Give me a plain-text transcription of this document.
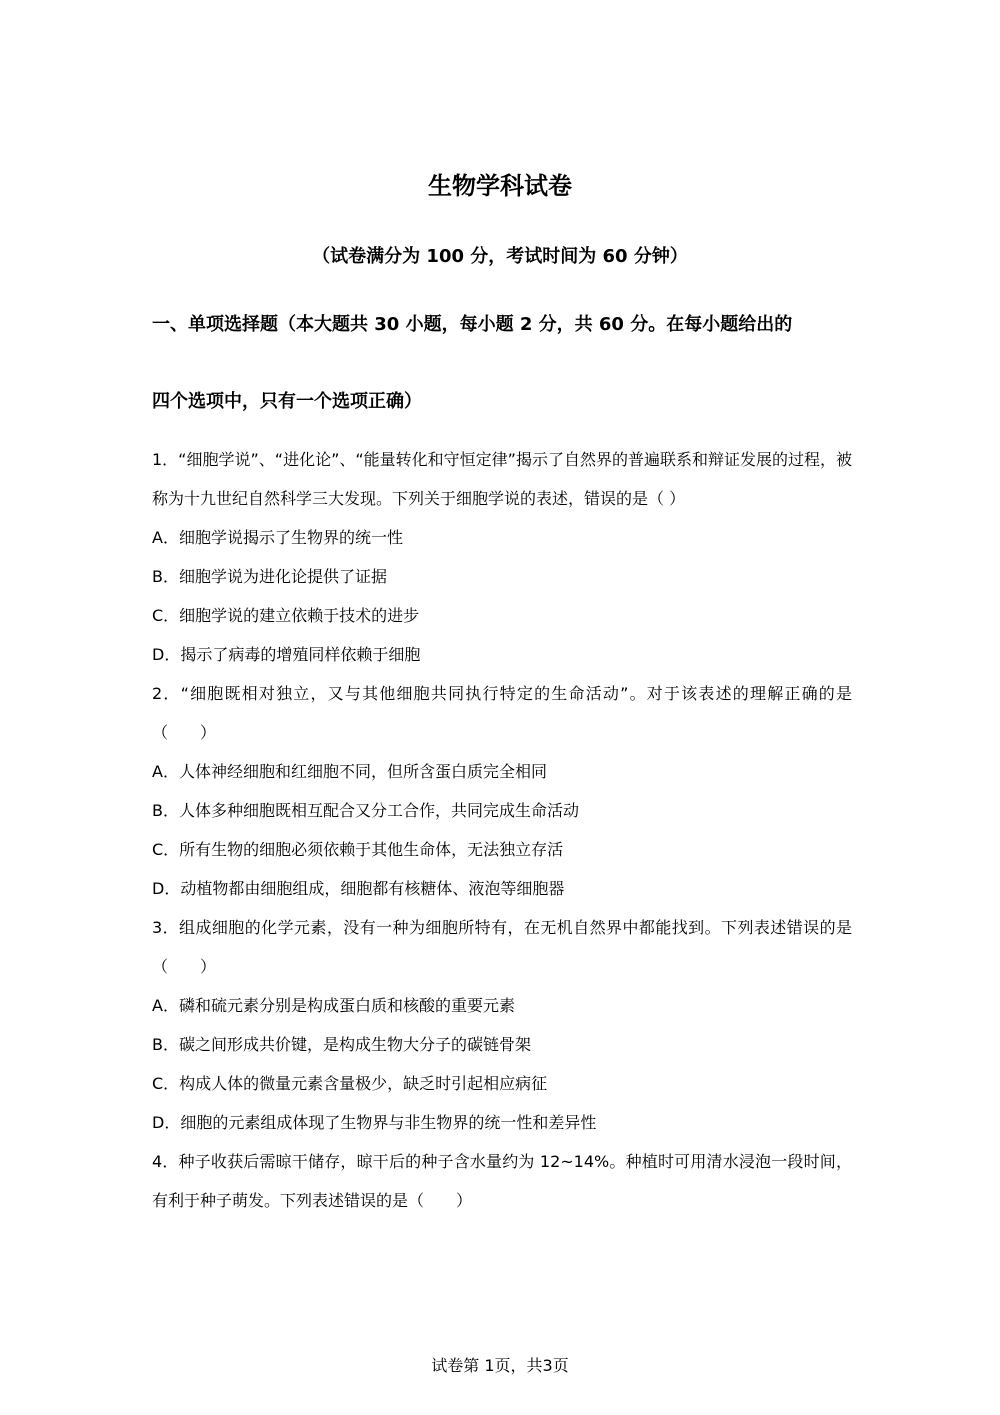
生物学科试卷
（试卷满分为 100 分，考试时间为 60 分钟）
一、单项选择题（本大题共 30 小题，每小题 2 分，共 60 分。在每小题给出的
四个选项中，只有一个选项正确）

1．“细胞学说”、“进化论”、“能量转化和守恒定律”揭示了自然界的普遍联系和辩证发展的过程，被称为十九世纪自然科学三大发现。下列关于细胞学说的表述，错误的是（ ）

A．细胞学说揭示了生物界的统一性

B．细胞学说为进化论提供了证据

C．细胞学说的建立依赖于技术的进步

D．揭示了病毒的增殖同样依赖于细胞

2．“细胞既相对独立，又与其他细胞共同执行特定的生命活动”。对于该表述的理解正确的是（　　）

A．人体神经细胞和红细胞不同，但所含蛋白质完全相同

B．人体多种细胞既相互配合又分工合作，共同完成生命活动

C．所有生物的细胞必须依赖于其他生命体，无法独立存活

D．动植物都由细胞组成，细胞都有核糖体、液泡等细胞器

3．组成细胞的化学元素，没有一种为细胞所特有，在无机自然界中都能找到。下列表述错误的是（　　）

A．磷和硫元素分别是构成蛋白质和核酸的重要元素

B．碳之间形成共价键，是构成生物大分子的碳链骨架

C．构成人体的微量元素含量极少，缺乏时引起相应病征

D．细胞的元素组成体现了生物界与非生物界的统一性和差异性

4．种子收获后需晾干储存，晾干后的种子含水量约为 12~14%。种植时可用清水浸泡一段时间，有利于种子萌发。下列表述错误的是（　　）

试卷第 1页，共3页
